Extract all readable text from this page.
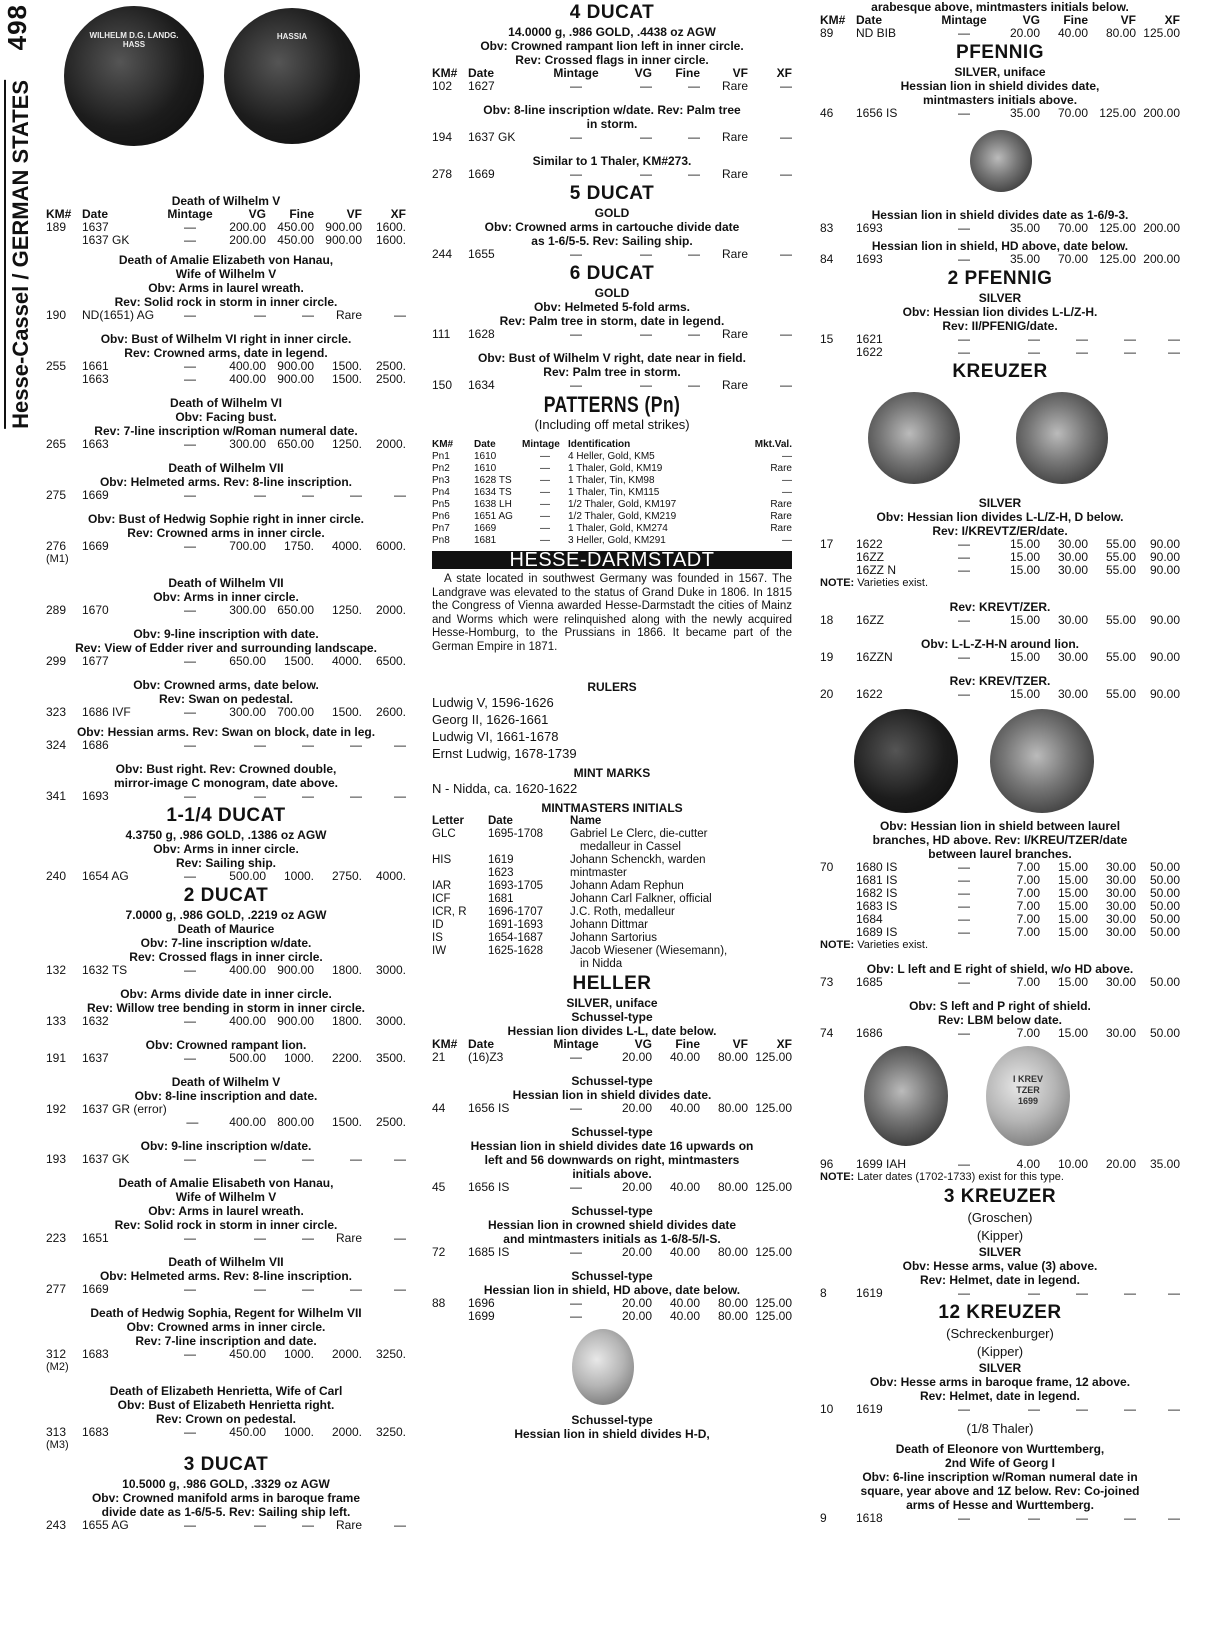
498
Hesse-Cassel / GERMAN STATES
WILHELM D.G. LANDG. HASS
HASSIA
Death of Wilhelm V
KM#	Date	Mintage	VG	Fine	VF	XF
189	1637	—	200.00	450.00	900.00	1600.
	1637 GK	—	200.00	450.00	900.00	1600.
Death of Amalie Elizabeth von Hanau,
Wife of Wilhelm V
Obv: Arms in laurel wreath.
Rev: Solid rock in storm in inner circle.
190	ND(1651) AG	—	—	—	Rare	—
Obv: Bust of Wilhelm VI right in inner circle.
Rev: Crowned arms, date in legend.
255	1661	—	400.00	900.00	1500.	2500.
	1663	—	400.00	900.00	1500.	2500.
Death of Wilhelm VI
Obv: Facing bust.
Rev: 7-line inscription w/Roman numeral date.
265	1663	—	300.00	650.00	1250.	2000.
Death of Wilhelm VII
Obv: Helmeted arms. Rev: 8-line inscription.
275	1669	—	—	—	—	—
Obv: Bust of Hedwig Sophie right in inner circle.
Rev: Crowned arms in inner circle.
276	1669	—	700.00	1750.	4000.	6000.
(M1)
Death of Wilhelm VII
Obv: Arms in inner circle.
289	1670	—	300.00	650.00	1250.	2000.
Obv: 9-line inscription with date.
Rev: View of Edder river and surrounding landscape.
299	1677	—	650.00	1500.	4000.	6500.
Obv: Crowned arms, date below.
Rev: Swan on pedestal.
323	1686 IVF	—	300.00	700.00	1500.	2600.
Obv: Hessian arms. Rev: Swan on block, date in leg.
324	1686	—	—	—	—	—
Obv: Bust right. Rev: Crowned double,
mirror-image C monogram, date above.
341	1693	—	—	—	—	—
1-1/4 DUCAT
4.3750 g, .986 GOLD, .1386 oz AGW
Obv: Arms in inner circle.
Rev: Sailing ship.
240	1654 AG	—	500.00	1000.	2750.	4000.
2 DUCAT
7.0000 g, .986 GOLD, .2219 oz AGW
Death of Maurice
Obv: 7-line inscription w/date.
Rev: Crossed flags in inner circle.
132	1632 TS	—	400.00	900.00	1800.	3000.
Obv: Arms divide date in inner circle.
Rev: Willow tree bending in storm in inner circle.
133	1632	—	400.00	900.00	1800.	3000.
Obv: Crowned rampant lion.
191	1637	—	500.00	1000.	2200.	3500.
Death of Wilhelm V
Obv: 8-line inscription and date.
192	1637 GR (error)					
		—	400.00	800.00	1500.	2500.
Obv: 9-line inscription w/date.
193	1637 GK	—	—	—	—	—
Death of Amalie Elisabeth von Hanau,
Wife of Wilhelm V
Obv: Arms in laurel wreath.
Rev: Solid rock in storm in inner circle.
223	1651	—	—	—	Rare	—
Death of Wilhelm VII
Obv: Helmeted arms. Rev: 8-line inscription.
277	1669	—	—	—	—	—
Death of Hedwig Sophia, Regent for Wilhelm VII
Obv: Crowned arms in inner circle.
Rev: 7-line inscription and date.
312	1683	—	450.00	1000.	2000.	3250.
(M2)
Death of Elizabeth Henrietta, Wife of Carl
Obv: Bust of Elizabeth Henrietta right.
Rev: Crown on pedestal.
313	1683	—	450.00	1000.	2000.	3250.
(M3)
3 DUCAT
10.5000 g, .986 GOLD, .3329 oz AGW
Obv: Crowned manifold arms in baroque frame
divide date as 1-6/5-5. Rev: Sailing ship left.
243	1655 AG	—	—	—	Rare	—
4 DUCAT
14.0000 g, .986 GOLD, .4438 oz AGW
Obv: Crowned rampant lion left in inner circle.
Rev: Crossed flags in inner circle.
KM#	Date	Mintage	VG	Fine	VF	XF
102	1627	—	—	—	Rare	—
Obv: 8-line inscription w/date. Rev: Palm tree
in storm.
194	1637 GK	—	—	—	Rare	—
Similar to 1 Thaler, KM#273.
278	1669	—	—	—	Rare	—
5 DUCAT
GOLD
Obv: Crowned arms in cartouche divide date
as 1-6/5-5. Rev: Sailing ship.
244	1655	—	—	—	Rare	—
6 DUCAT
GOLD
Obv: Helmeted 5-fold arms.
Rev: Palm tree in storm, date in legend.
111	1628	—	—	—	Rare	—
Obv: Bust of Wilhelm V right, date near in field.
Rev: Palm tree in storm.
150	1634	—	—	—	Rare	—
PATTERNS (Pn)
(Including off metal strikes)
KM#	Date	Mintage	Identification	Mkt.Val.
Pn1	1610	—	4 Heller, Gold, KM5	—
Pn2	1610	—	1 Thaler, Gold, KM19	Rare
Pn3	1628 TS	—	1 Thaler, Tin, KM98	—
Pn4	1634 TS	—	1 Thaler, Tin, KM115	—
Pn5	1638 LH	—	1/2 Thaler, Gold, KM197	Rare
Pn6	1651 AG	—	1/2 Thaler, Gold, KM219	Rare
Pn7	1669	—	1 Thaler, Gold, KM274	Rare
Pn8	1681	—	3 Heller, Gold, KM291	—
HESSE-DARMSTADT

A state located in southwest Germany was founded in 1567. The Landgrave was elevated to the status of Grand Duke in 1806. In 1815 the Congress of Vienna awarded Hesse-Darmstadt the cities of Mainz and Worms which were relinquished along with the newly acquired Hesse-Homburg, to the Prussians in 1866. It became part of the German Empire in 1871.

RULERS

Ludwig V, 1596-1626

Georg II, 1626-1661

Ludwig VI, 1661-1678

Ernst Ludwig, 1678-1739

MINT MARKS

N - Nidda, ca. 1620-1622

MINTMASTERS INITIALS
Letter	Date	Name
GLC	1695-1708	Gabriel Le Clerc, die-cutter
		medalleur in Cassel
HIS	1619	Johann Schenckh, warden
	1623	mintmaster
IAR	1693-1705	Johann Adam Rephun
ICF	1681	Johann Carl Falkner, official
ICR, R	1696-1707	J.C. Roth, medalleur
ID	1691-1693	Johann Dittmar
IS	1654-1687	Johann Sartorius
IW	1625-1628	Jacob Wiesener (Wiesemann),
		in Nidda
HELLER
SILVER, uniface
Schussel-type
Hessian lion divides L-L, date below.
KM#	Date	Mintage	VG	Fine	VF	XF
21	(16)Z3	—	20.00	40.00	80.00	125.00
Schussel-type
Hessian lion in shield divides date.
44	1656 IS	—	20.00	40.00	80.00	125.00
Schussel-type
Hessian lion in shield divides date 16 upwards on
left and 56 downwards on right, mintmasters
initials above.
45	1656 IS	—	20.00	40.00	80.00	125.00
Schussel-type
Hessian lion in crowned shield divides date
and mintmasters initials as 1-6/8-5/I-S.
72	1685 IS	—	20.00	40.00	80.00	125.00
Schussel-type
Hessian lion in shield, HD above, date below.
88	1696	—	20.00	40.00	80.00	125.00
	1699	—	20.00	40.00	80.00	125.00
Schussel-type
Hessian lion in shield divides H-D,
arabesque above, mintmasters initials below.
KM#	Date	Mintage	VG	Fine	VF	XF
89	ND BIB	—	20.00	40.00	80.00	125.00
PFENNIG
SILVER, uniface
Hessian lion in shield divides date,
mintmasters initials above.
46	1656 IS	—	35.00	70.00	125.00	200.00
Hessian lion in shield divides date as 1-6/9-3.
83	1693	—	35.00	70.00	125.00	200.00
Hessian lion in shield, HD above, date below.
84	1693	—	35.00	70.00	125.00	200.00
2 PFENNIG
SILVER
Obv: Hessian lion divides L-L/Z-H.
Rev: II/PFENIG/date.
15	1621	—	—	—	—	—
	1622	—	—	—	—	—
KREUZER
SILVER
Obv: Hessian lion divides L-L/Z-H, D below.
Rev: I/KREVTZ/ER/date.
17	1622	—	15.00	30.00	55.00	90.00
	16ZZ	—	15.00	30.00	55.00	90.00
	16ZZ N	—	15.00	30.00	55.00	90.00
NOTE: Varieties exist.
Rev: KREVT/ZER.
18	16ZZ	—	15.00	30.00	55.00	90.00
Obv: L-L-Z-H-N around lion.
19	16ZZN	—	15.00	30.00	55.00	90.00
Rev: KREV/TZER.
20	1622	—	15.00	30.00	55.00	90.00
Obv: Hessian lion in shield between laurel
branches, HD above. Rev: I/KREU/TZER/date
between laurel branches.
70	1680 IS	—	7.00	15.00	30.00	50.00
	1681 IS	—	7.00	15.00	30.00	50.00
	1682 IS	—	7.00	15.00	30.00	50.00
	1683 IS	—	7.00	15.00	30.00	50.00
	1684	—	7.00	15.00	30.00	50.00
	1689 IS	—	7.00	15.00	30.00	50.00
NOTE: Varieties exist.
Obv: L left and E right of shield, w/o HD above.
73	1685	—	7.00	15.00	30.00	50.00
Obv: S left and P right of shield.
Rev: LBM below date.
74	1686	—	7.00	15.00	30.00	50.00
I KREV TZER 1699
96	1699 IAH	—	4.00	10.00	20.00	35.00
NOTE: Later dates (1702-1733) exist for this type.
3 KREUZER
(Groschen)
(Kipper)
SILVER
Obv: Hesse arms, value (3) above.
Rev: Helmet, date in legend.
8	1619	—	—	—	—	—
12 KREUZER
(Schreckenburger)
(Kipper)
SILVER
Obv: Hesse arms in baroque frame, 12 above.
Rev: Helmet, date in legend.
10	1619	—	—	—	—	—
(1/8 Thaler)
Death of Eleonore von Wurttemberg,
2nd Wife of Georg I
Obv: 6-line inscription w/Roman numeral date in
square, year above and 1Z below. Rev: Co-joined
arms of Hesse and Wurttemberg.
9	1618	—	—	—	—	—
